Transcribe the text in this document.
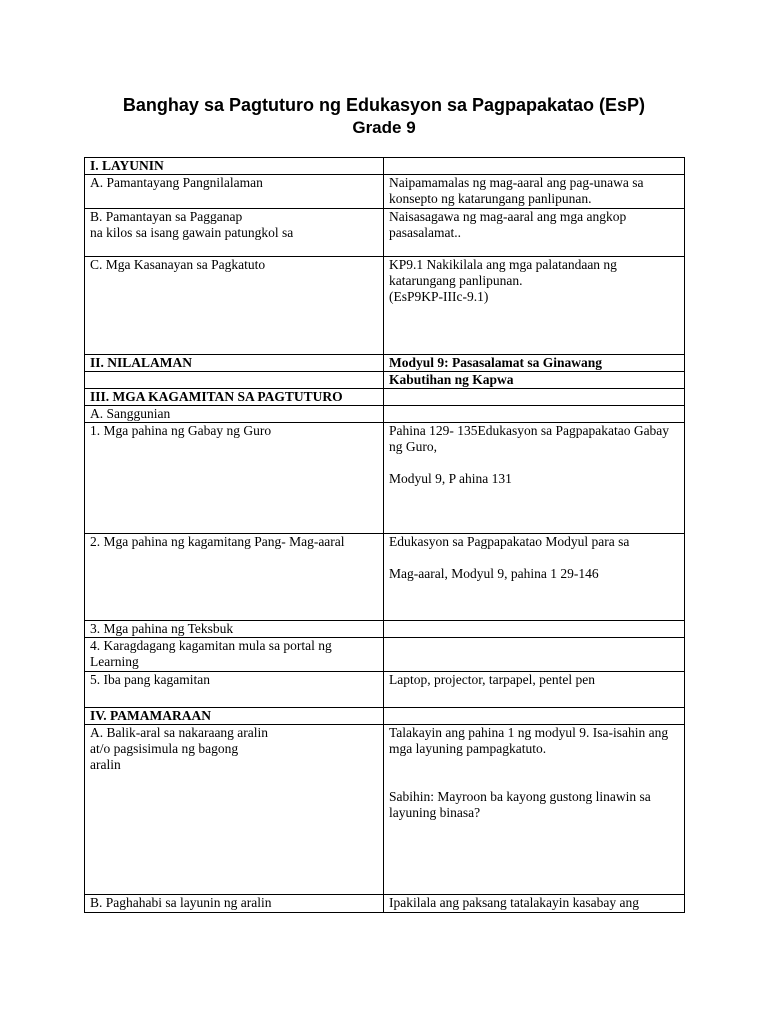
Banghay sa Pagtuturo ng Edukasyon sa Pagpapakatao (EsP)
Grade 9
I. LAYUNIN	
A. Pamantayang Pangnilalaman	Naipamamalas ng mag-aaral ang pag-unawa sa
konsepto ng katarungang panlipunan.
B. Pamantayan sa Pagganap
na kilos sa isang gawain patungkol sa	Naisasagawa ng mag-aaral ang mga angkop
pasasalamat..
C. Mga Kasanayan sa Pagkatuto	KP9.1 Nakikilala ang mga palatandaan ng
katarungang panlipunan.
(EsP9KP-IIIc-9.1)
II. NILALAMAN	Modyul 9: Pasasalamat sa Ginawang
	Kabutihan ng Kapwa
III. MGA KAGAMITAN SA PAGTUTURO	
A. Sanggunian	
1. Mga pahina ng Gabay ng Guro	Pahina 129- 135Edukasyon sa Pagpapakatao Gabay
ng Guro,

Modyul 9, P ahina 131
2. Mga pahina ng kagamitang Pang- Mag-aaral	Edukasyon sa Pagpapakatao Modyul para sa

Mag-aaral, Modyul 9, pahina 1 29-146
3. Mga pahina ng Teksbuk	
4. Karagdagang kagamitan mula sa portal ng
Learning	
5. Iba pang kagamitan	Laptop, projector, tarpapel, pentel pen
IV. PAMAMARAAN	
A. Balik-aral sa nakaraang aralin
at/o pagsisimula ng bagong
aralin	Talakayin ang pahina 1 ng modyul 9. Isa-isahin ang
mga layuning pampagkatuto.

Sabihin: Mayroon ba kayong gustong linawin sa
layuning binasa?
B. Paghahabi sa layunin ng aralin	Ipakilala ang paksang tatalakayin kasabay ang
